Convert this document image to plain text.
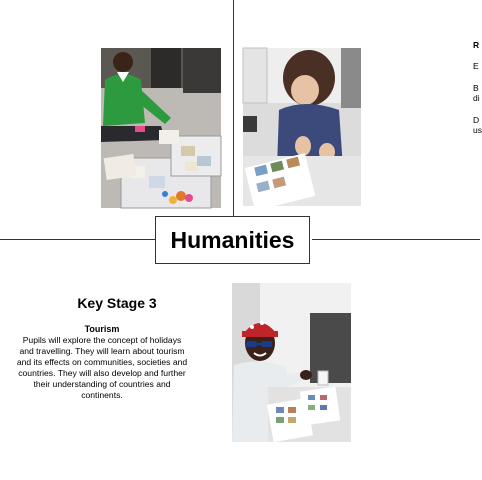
Humanities
R
E
B
di
D
us
Key Stage 3
Tourism
Pupils will explore the concept of holidays and travelling. They will learn about tourism and its effects on communities, societies and countries. They will also develop and further their understanding of countries and continents.
